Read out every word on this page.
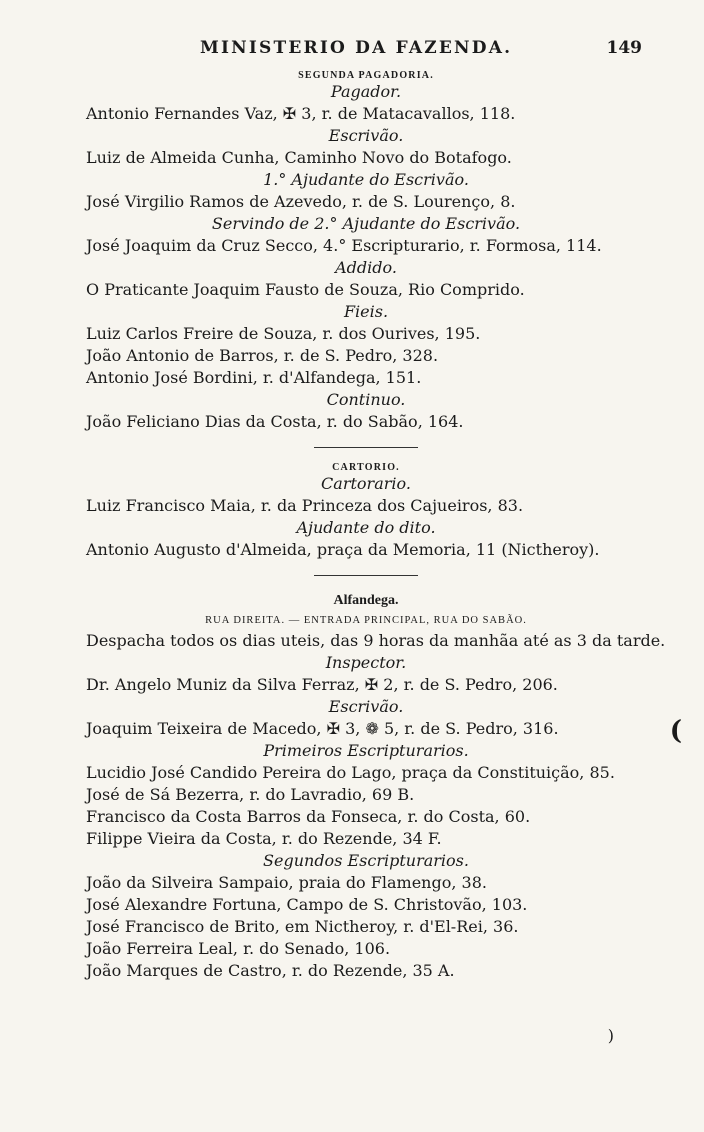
MINISTERIO DA FAZENDA.	149
SEGUNDA PAGADORIA.
Pagador.
Antonio Fernandes Vaz, ✠ 3, r. de Matacavallos, 118.
Escrivão.
Luiz de Almeida Cunha, Caminho Novo do Botafogo.
1.° Ajudante do Escrivão.
José Virgilio Ramos de Azevedo, r. de S. Lourenço, 8.
Servindo de 2.° Ajudante do Escrivão.
José Joaquim da Cruz Secco, 4.° Escripturario, r. Formosa, 114.
Addido.
O Praticante Joaquim Fausto de Souza, Rio Comprido.
Fieis.
Luiz Carlos Freire de Souza, r. dos Ourives, 195.
João Antonio de Barros, r. de S. Pedro, 328.
Antonio José Bordini, r. d'Alfandega, 151.
Continuo.
João Feliciano Dias da Costa, r. do Sabão, 164.
CARTORIO.
Cartorario.
Luiz Francisco Maia, r. da Princeza dos Cajueiros, 83.
Ajudante do dito.
Antonio Augusto d'Almeida, praça da Memoria, 11 (Nictheroy).
Alfandega.
RUA DIREITA. — ENTRADA PRINCIPAL, RUA DO SABÃO.
Despacha todos os dias uteis, das 9 horas da manhãa até as 3 da tarde.
Inspector.
Dr. Angelo Muniz da Silva Ferraz, ✠ 2, r. de S. Pedro, 206.
Escrivão.
Joaquim Teixeira de Macedo, ✠ 3, ❁ 5, r. de S. Pedro, 316.
Primeiros Escripturarios.
Lucidio José Candido Pereira do Lago, praça da Constituição, 85.
José de Sá Bezerra, r. do Lavradio, 69 B.
Francisco da Costa Barros da Fonseca, r. do Costa, 60.
Filippe Vieira da Costa, r. do Rezende, 34 F.
Segundos Escripturarios.
João da Silveira Sampaio, praia do Flamengo, 38.
José Alexandre Fortuna, Campo de S. Christovão, 103.
José Francisco de Brito, em Nictheroy, r. d'El-Rei, 36.
João Ferreira Leal, r. do Senado, 106.
João Marques de Castro, r. do Rezende, 35 A.
(
)
